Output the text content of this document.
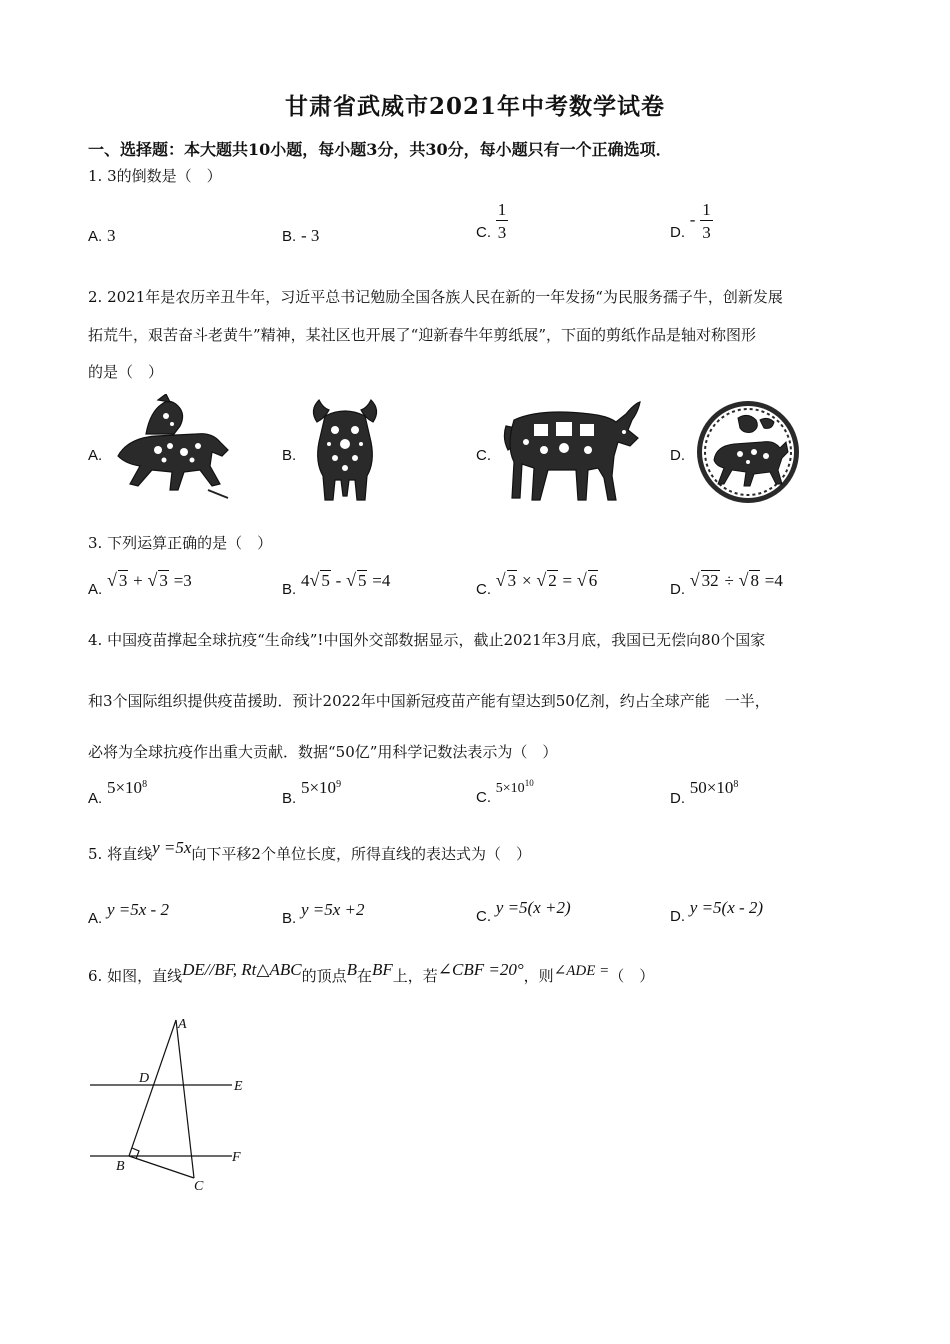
甘肃省武威市2021年中考数学试卷
一、选择题：本大题共10小题，每小题3分，共30分，每小题只有一个正确选项．
1. 3的倒数是（　）
A. 3	B. - 3	C. $\frac{1}{3}$	D. - $\frac{1}{3}$
2. 2021年是农历辛丑牛年，习近平总书记勉励全国各族人民在新的一年发扬“为民服务孺子牛，创新发展
拓荒牛，艰苦奋斗老黄牛”精神，某社区也开展了“迎新春牛年剪纸展”，下面的剪纸作品是轴对称图形
的是（　）
A.	B.	C.	D.
3. 下列运算正确的是（　）
A. √ 3 + √ 3 =3	B. 4√ 5 - √ 5 =4	C. √ 3 × √ 2 = √ 6	D. √ 32 ÷ √ 8 =4
4. 中国疫苗撑起全球抗疫“生命线”!中国外交部数据显示，截止2021年3月底，我国已无偿向80个国家
和3个国际组织提供疫苗援助．预计2022年中国新冠疫苗产能有望达到50亿剂，约占全球产能　一半，
必将为全球抗疫作出重大贡献．数据“50亿”用科学记数法表示为（　）
A. $5\times 10^8$
B. $5\times 10^9$
C. $5\times 10^{10}$
D. $50\times 10^8$
5. 将直线y =5x向下平移2个单位长度，所得直线的表达式为（　）
A. y =5x - 2	B. y =5x +2	C. y =5(x +2)	D. y =5(x - 2)
6. 如图，直线DE//BF, Rt△ABC的顶点B在BF上，若∠CBF =20°，则∠ADE =（　）
A
D
E
B
F
C
